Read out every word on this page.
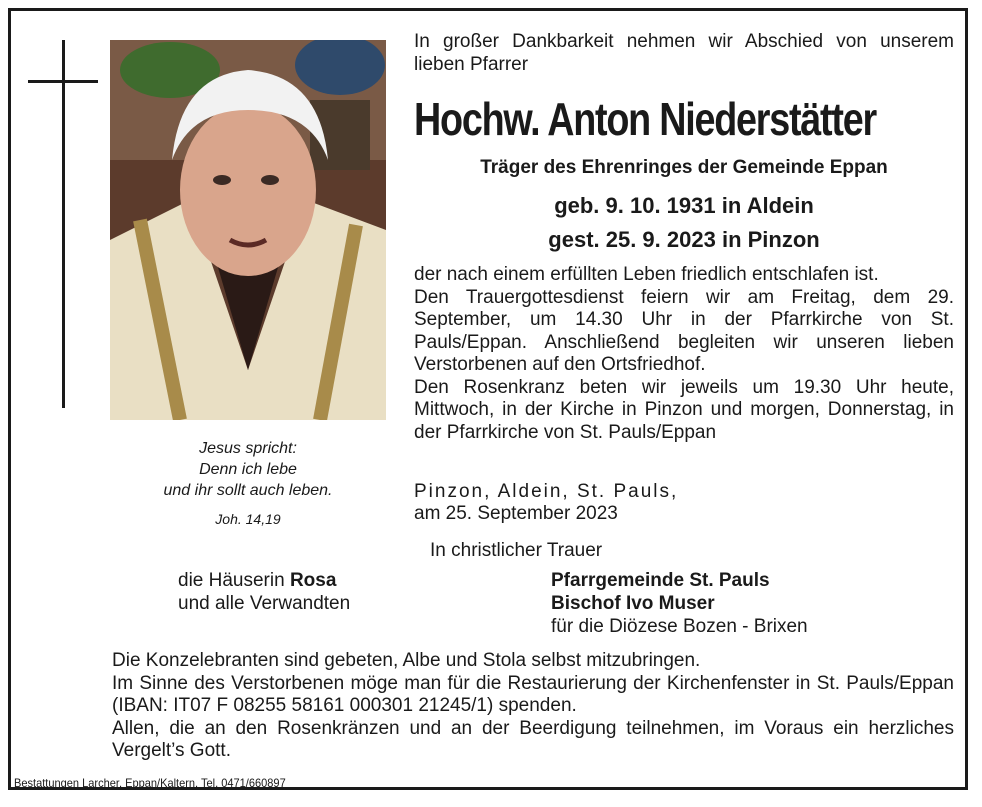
Jesus spricht:
Denn ich lebe
und ihr sollt auch leben.
Joh. 14,19
In großer Dankbarkeit nehmen wir Abschied von unserem lieben Pfarrer
Hochw. Anton Niederstätter
Träger des Ehrenringes der Gemeinde Eppan
geb. 9. 10. 1931 in Aldein
gest. 25. 9. 2023 in Pinzon
der nach einem erfüllten Leben friedlich entschlafen ist.
Den Trauergottesdienst feiern wir am Freitag, dem 29. September, um 14.30 Uhr in der Pfarrkirche von St. Pauls/Eppan. Anschließend begleiten wir unseren lieben Verstorbenen auf den Ortsfriedhof.
Den Rosenkranz beten wir jeweils um 19.30 Uhr heute, Mittwoch, in der Kirche in Pinzon und morgen, Donnerstag, in der Pfarrkirche von St. Pauls/Eppan
Pinzon, Aldein, St. Pauls,
am 25. September 2023
In christlicher Trauer
die Häuserin Rosa
und alle Verwandten
Pfarrgemeinde St. Pauls
Bischof Ivo Muser
für die Diözese Bozen - Brixen

Die Konzelebranten sind gebeten, Albe und Stola selbst mitzubringen.

Im Sinne des Verstorbenen möge man für die Restaurierung der Kirchenfenster in St. Pauls/Eppan (IBAN: IT07 F 08255 58161 000301 21245/1) spenden.

Allen, die an den Rosenkränzen und an der Beerdigung teilnehmen, im Voraus ein herzliches Vergelt’s Gott.

Bestattungen Larcher, Eppan/Kaltern, Tel. 0471/660897
